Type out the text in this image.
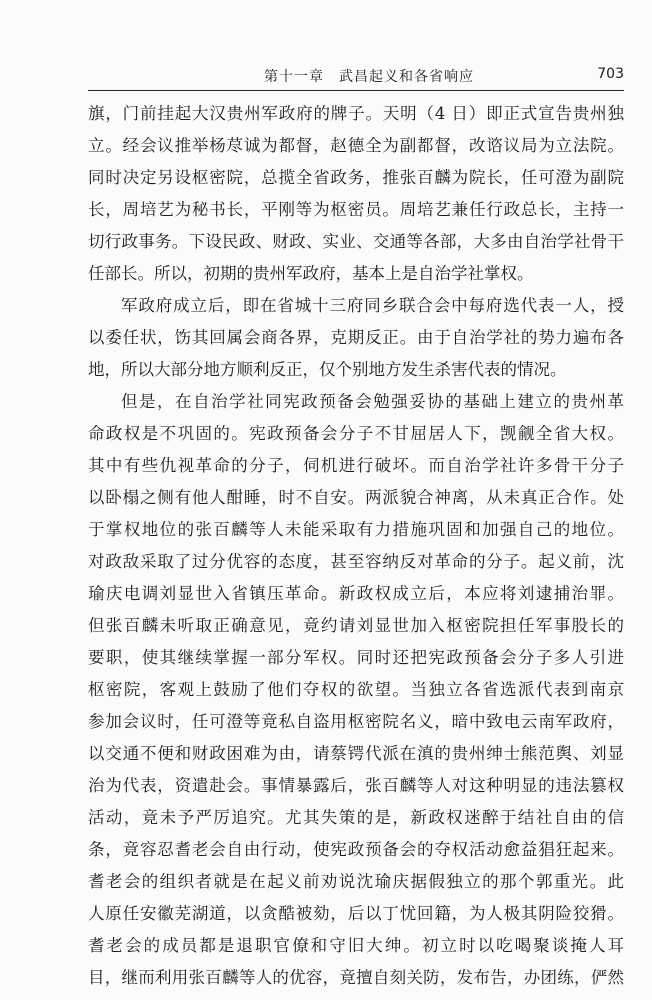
第十一章　武昌起义和各省响应	703
旗，门前挂起大汉贵州军政府的牌子。天明（4 日）即正式宣告贵州独
立。经会议推举杨荩诚为都督，赵德全为副都督，改谘议局为立法院。
同时决定另设枢密院，总揽全省政务，推张百麟为院长，任可澄为副院
长，周培艺为秘书长，平刚等为枢密员。周培艺兼任行政总长，主持一
切行政事务。下设民政、财政、实业、交通等各部，大多由自治学社骨干
任部长。所以，初期的贵州军政府，基本上是自治学社掌权。
军政府成立后，即在省城十三府同乡联合会中每府选代表一人，授
以委任状，饬其回属会商各界，克期反正。由于自治学社的势力遍布各
地，所以大部分地方顺利反正，仅个别地方发生杀害代表的情况。
但是，在自治学社同宪政预备会勉强妥协的基础上建立的贵州革
命政权是不巩固的。宪政预备会分子不甘屈居人下，觊觎全省大权。
其中有些仇视革命的分子，伺机进行破坏。而自治学社许多骨干分子
以卧榻之侧有他人酣睡，时不自安。两派貌合神离，从未真正合作。处
于掌权地位的张百麟等人未能采取有力措施巩固和加强自己的地位。
对政敌采取了过分优容的态度，甚至容纳反对革命的分子。起义前，沈
瑜庆电调刘显世入省镇压革命。新政权成立后，本应将刘逮捕治罪。
但张百麟未听取正确意见，竟约请刘显世加入枢密院担任军事股长的
要职，使其继续掌握一部分军权。同时还把宪政预备会分子多人引进
枢密院，客观上鼓励了他们夺权的欲望。当独立各省选派代表到南京
参加会议时，任可澄等竟私自盗用枢密院名义，暗中致电云南军政府，
以交通不便和财政困难为由，请蔡锷代派在滇的贵州绅士熊范舆、刘显
治为代表，资遣赴会。事情暴露后，张百麟等人对这种明显的违法篡权
活动，竟未予严厉追究。尤其失策的是，新政权迷醉于结社自由的信
条，竟容忍耆老会自由行动，使宪政预备会的夺权活动愈益猖狂起来。
耆老会的组织者就是在起义前劝说沈瑜庆据假独立的那个郭重光。此
人原任安徽芜湖道，以贪酷被劾，后以丁忧回籍，为人极其阴险狡猾。
耆老会的成员都是退职官僚和守旧大绅。初立时以吃喝聚谈掩人耳
目，继而利用张百麟等人的优容，竟擅自刻关防，发布告，办团练，俨然
